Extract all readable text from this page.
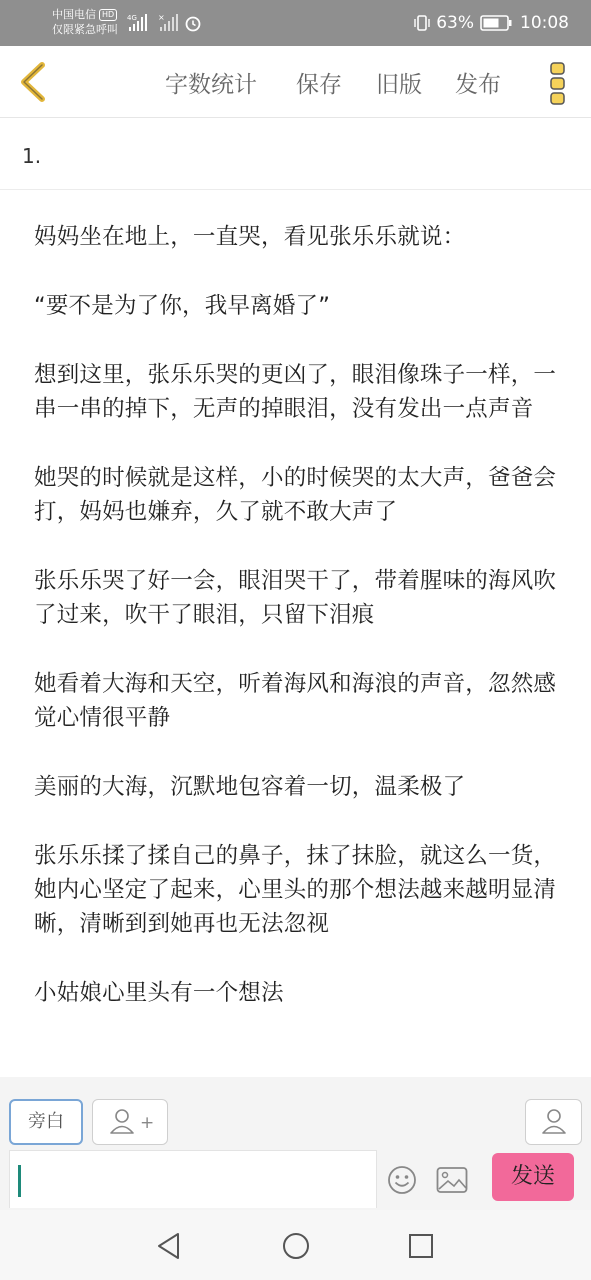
中国电信 HD
仅限紧急呼叫
4G	×	63%	10:08
字数统计 保存 旧版 发布
1.

妈妈坐在地上，一直哭，看见张乐乐就说：

“要不是为了你，我早离婚了”

想到这里，张乐乐哭的更凶了，眼泪像珠子一样，一串一串的掉下，无声的掉眼泪，没有发出一点声音

她哭的时候就是这样，小的时候哭的太大声，爸爸会打，妈妈也嫌弃，久了就不敢大声了

张乐乐哭了好一会，眼泪哭干了，带着腥味的海风吹了过来，吹干了眼泪，只留下泪痕

她看着大海和天空，听着海风和海浪的声音，忽然感觉心情很平静

美丽的大海，沉默地包容着一切，温柔极了

张乐乐揉了揉自己的鼻子，抹了抹脸，就这么一货，她内心坚定了起来，心里头的那个想法越来越明显清晰，清晰到到她再也无法忽视

小姑娘心里头有一个想法

旁白	+
发送
